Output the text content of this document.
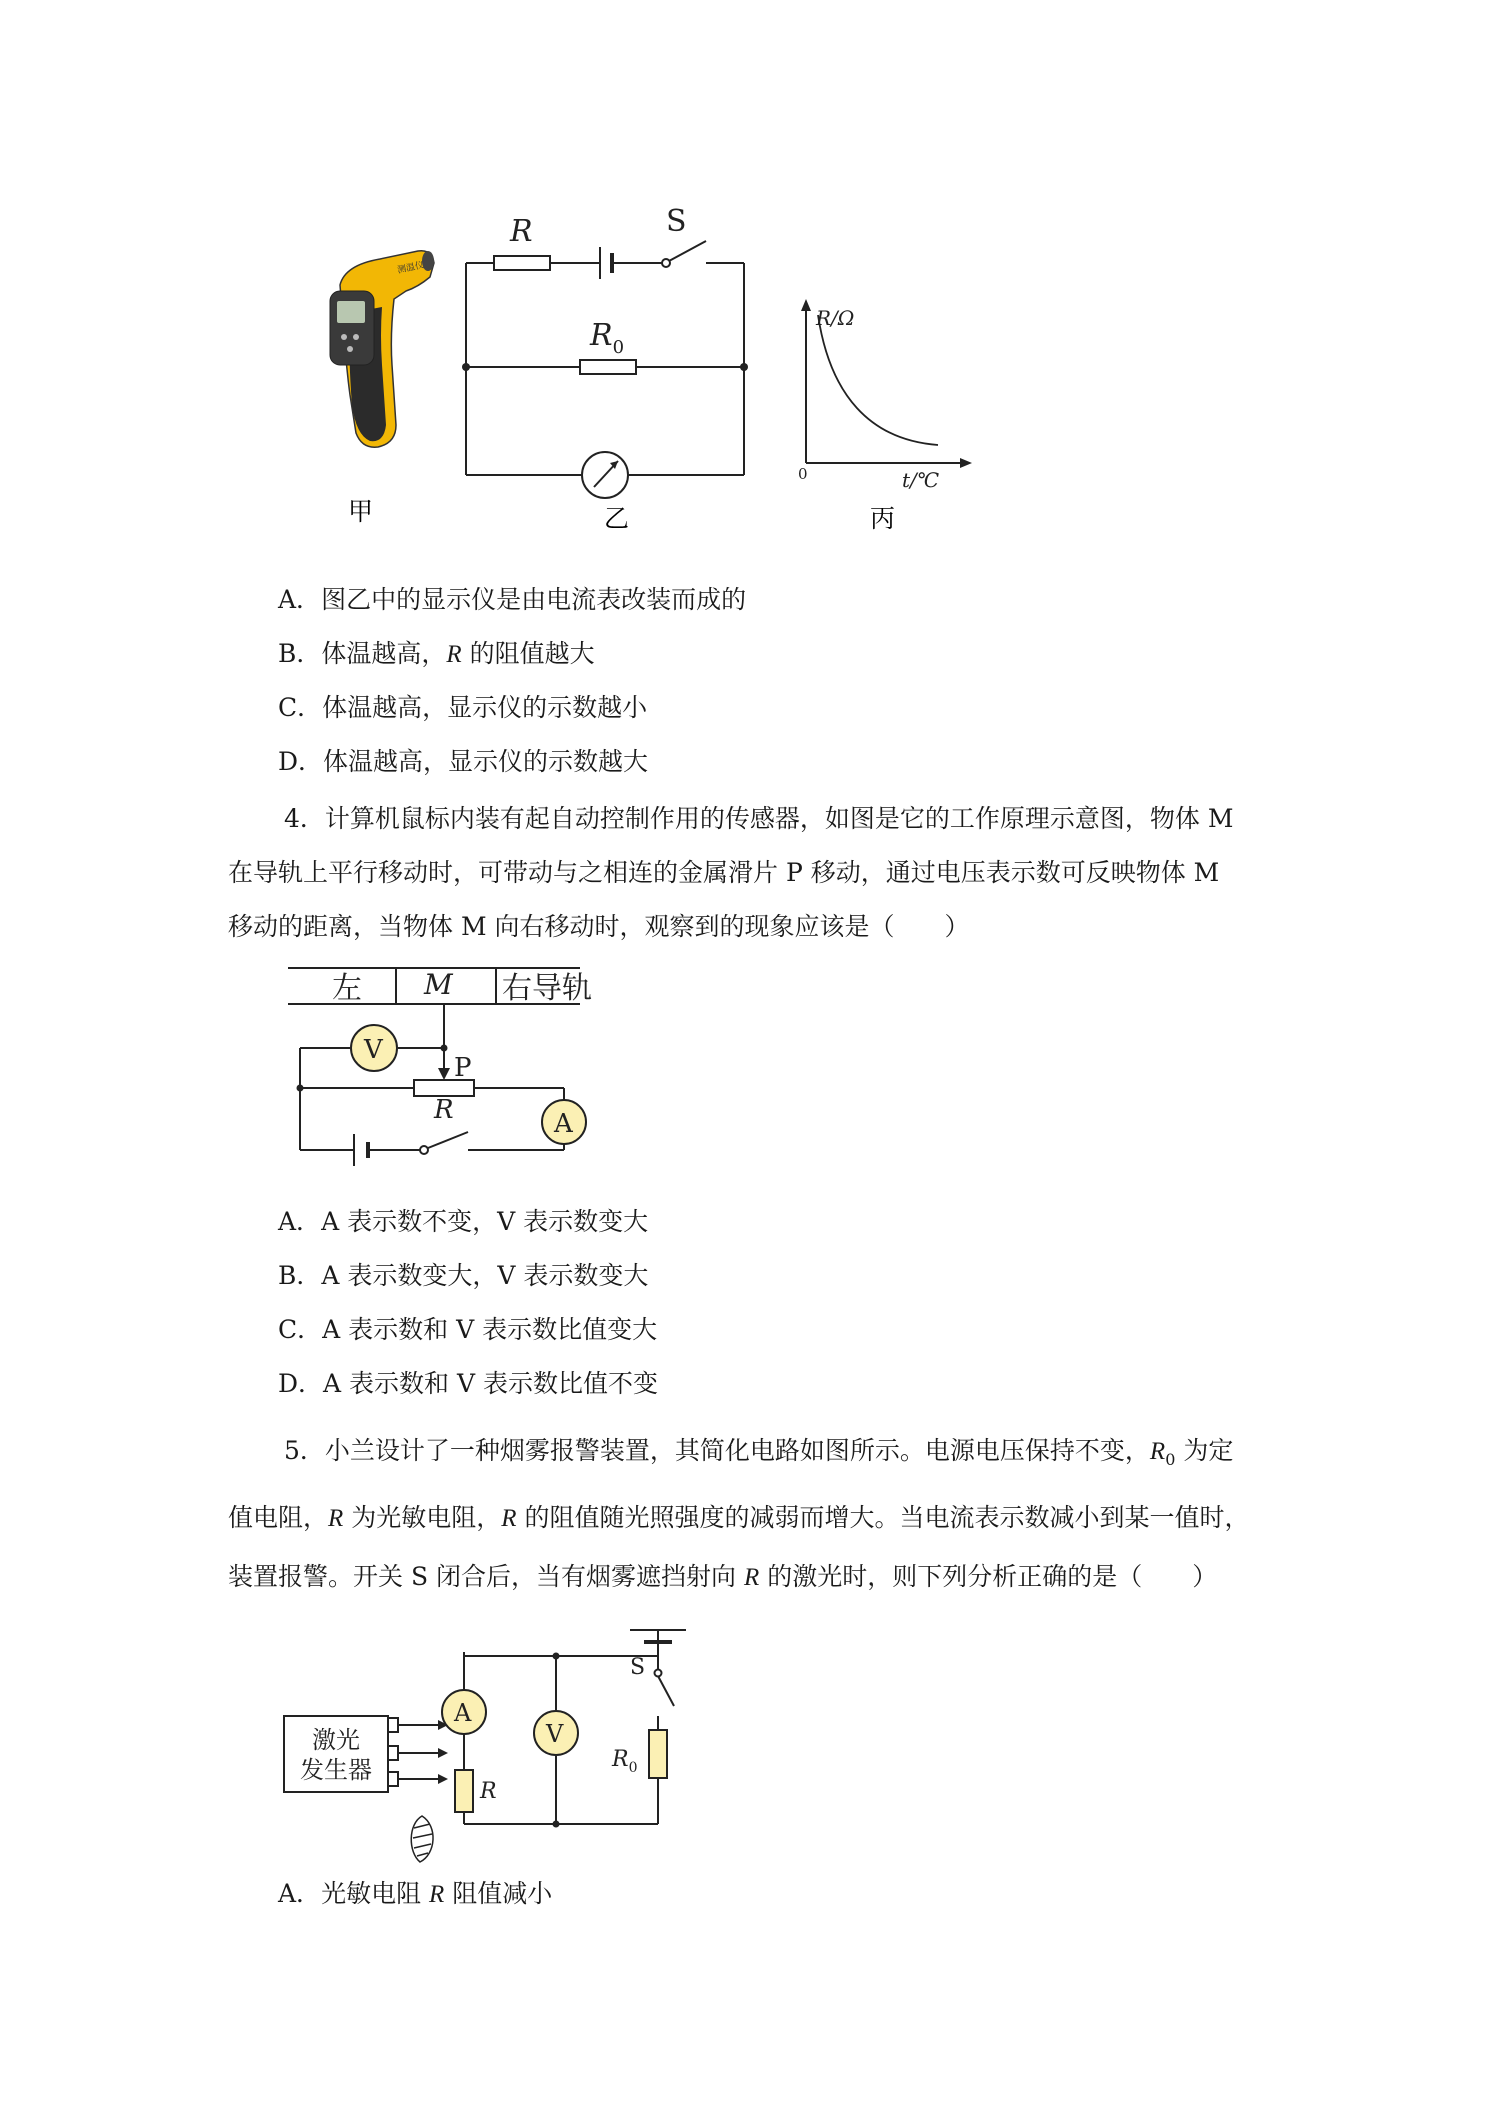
测温仪
甲
R	S
$R_0$
乙
R/Ω
t/℃
0
丙
A．图乙中的显示仪是由电流表改装而成的
B．体温越高，R 的阻值越大
C．体温越高，显示仪的示数越小
D．体温越高，显示仪的示数越大
4．计算机鼠标内装有起自动控制作用的传感器，如图是它的工作原理示意图，物体 M
在导轨上平行移动时，可带动与之相连的金属滑片 P 移动，通过电压表示数可反映物体 M
移动的距离，当物体 M 向右移动时，观察到的现象应该是（　　）
左 M 右导轨
V
A
P
R
A．A 表示数不变，V 表示数变大
B．A 表示数变大，V 表示数变大
C．A 表示数和 V 表示数比值变大
D．A 表示数和 V 表示数比值不变
5．小兰设计了一种烟雾报警装置，其简化电路如图所示。电源电压保持不变，$R_0$ 为定
值电阻，R 为光敏电阻，R 的阻值随光照强度的减弱而增大。当电流表示数减小到某一值时，
装置报警。开关 S 闭合后，当有烟雾遮挡射向 R 的激光时，则下列分析正确的是（　　）
激光
发生器
A
V
R
S
$R_0$
A．光敏电阻 R 阻值减小
